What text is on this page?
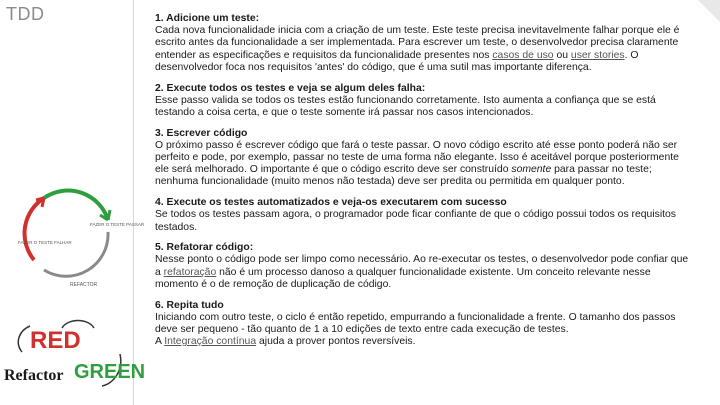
TDD
FAZER O TESTE PASSAR
FAZER O TESTE FALHAR
REFACTOR
RED
Refactor GREEN
1. Adicione um teste:
Cada nova funcionalidade inicia com a criação de um teste. Este teste precisa inevitavelmente falhar porque ele é escrito antes da funcionalidade a ser implementada. Para escrever um teste, o desenvolvedor precisa claramente entender as especificações e requisitos da funcionalidade presentes nos casos de uso ou user stories. O desenvolvedor foca nos requisitos 'antes' do código, que é uma sutil mas importante diferença.
2. Execute todos os testes e veja se algum deles falha:
Esse passo valida se todos os testes estão funcionando corretamente. Isto aumenta a confiança que se está testando a coisa certa, e que o teste somente irá passar nos casos intencionados.
3. Escrever código
O próximo passo é escrever código que fará o teste passar. O novo código escrito até esse ponto poderá não ser perfeito e pode, por exemplo, passar no teste de uma forma não elegante. Isso é aceitável porque posteriormente ele será melhorado. O importante é que o código escrito deve ser construído somente para passar no teste; nenhuma funcionalidade (muito menos não testada) deve ser predita ou permitida em qualquer ponto.
4. Execute os testes automatizados e veja-os executarem com sucesso
Se todos os testes passam agora, o programador pode ficar confiante de que o código possui todos os requisitos testados.
5. Refatorar código:
Nesse ponto o código pode ser limpo como necessário. Ao re-executar os testes, o desenvolvedor pode confiar que a refatoração não é um processo danoso a qualquer funcionalidade existente. Um conceito relevante nesse momento é o de remoção de duplicação de código.
6. Repita tudo
Iniciando com outro teste, o ciclo é então repetido, empurrando a funcionalidade a frente. O tamanho dos passos deve ser pequeno - tão quanto de 1 a 10 edições de texto entre cada execução de testes.
A Integração contínua ajuda a prover pontos reversíveis.
